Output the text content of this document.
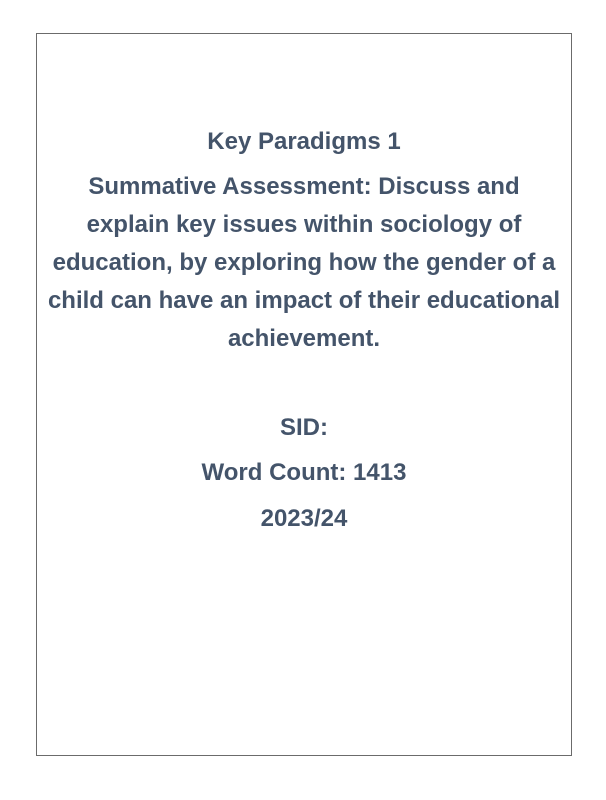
Key Paradigms 1
Summative Assessment: Discuss and explain key issues within sociology of education, by exploring how the gender of a child can have an impact of their educational achievement.
SID:
Word Count: 1413
2023/24
